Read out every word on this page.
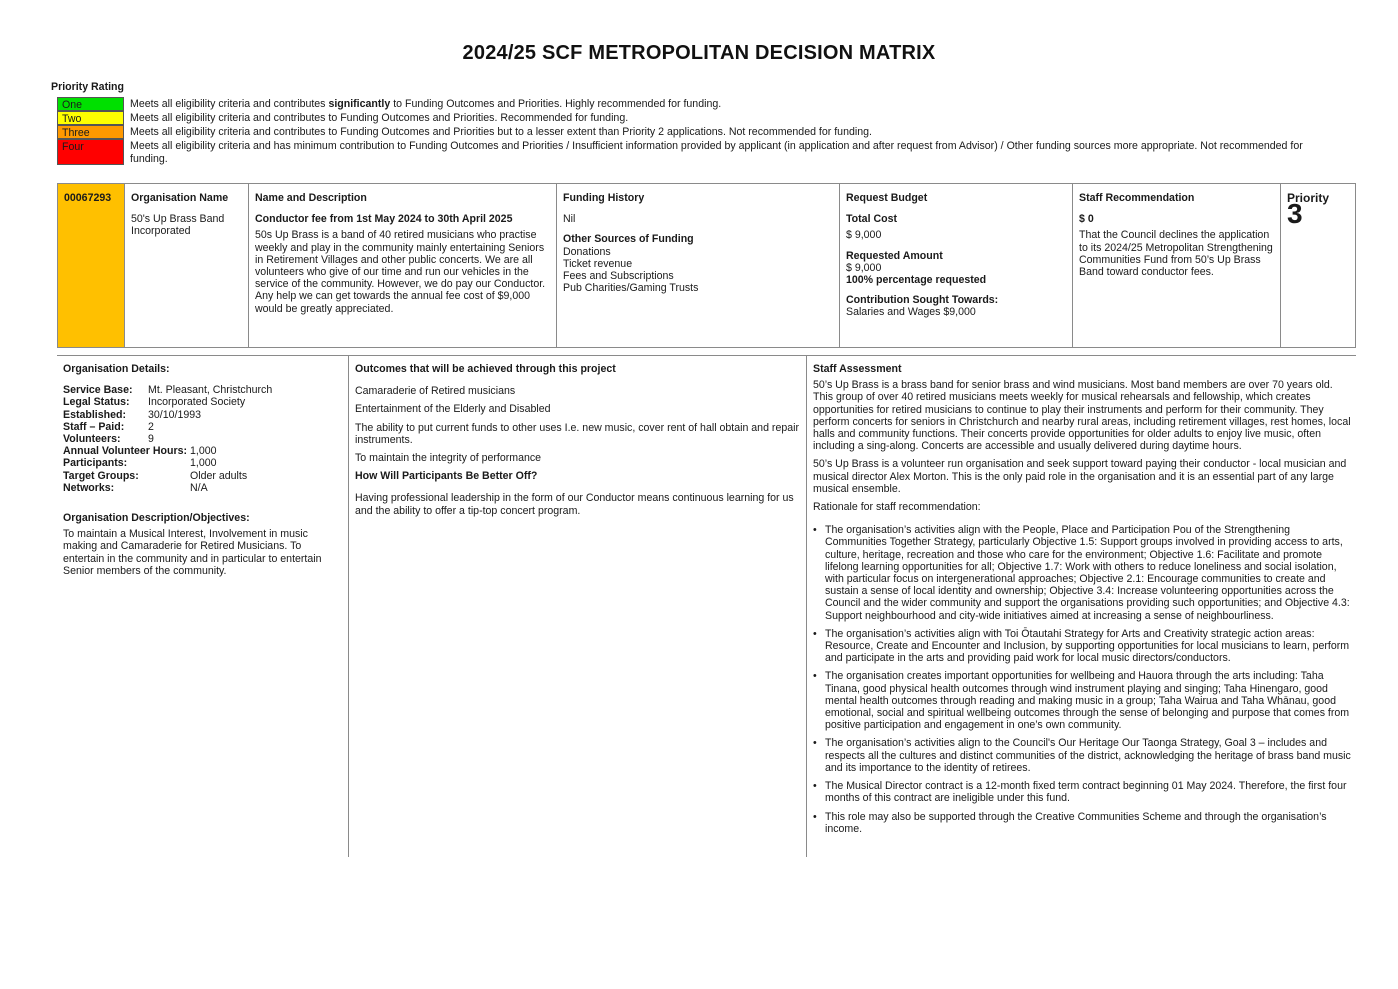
2024/25 SCF METROPOLITAN DECISION MATRIX
Priority Rating
One	Meets all eligibility criteria and contributes significantly to Funding Outcomes and Priorities. Highly recommended for funding.
Two	Meets all eligibility criteria and contributes to Funding Outcomes and Priorities. Recommended for funding.
Three	Meets all eligibility criteria and contributes to Funding Outcomes and Priorities but to a lesser extent than Priority 2 applications. Not recommended for funding.
Four	Meets all eligibility criteria and has minimum contribution to Funding Outcomes and Priorities / Insufficient information provided by applicant (in application and after request from Advisor) / Other funding sources more appropriate. Not recommended for funding.
00067293	Organisation Name
50's Up Brass Band Incorporated
Name and Description
Conductor fee from 1st May 2024 to 30th April 2025
50s Up Brass is a band of 40 retired musicians who practise weekly and play in the community mainly entertaining Seniors in Retirement Villages and other public concerts. We are all volunteers who give of our time and run our vehicles in the service of the community. However, we do pay our Conductor. Any help we can get towards the annual fee cost of $9,000 would be greatly appreciated.
Funding History
Nil
Other Sources of Funding
Donations
Ticket revenue
Fees and Subscriptions
Pub Charities/Gaming Trusts
Request Budget
Total Cost
$ 9,000
Requested Amount
$ 9,000
100% percentage requested
Contribution Sought Towards:
Salaries and Wages $9,000
Staff Recommendation
$ 0
That the Council declines the application to its 2024/25 Metropolitan Strengthening Communities Fund from 50’s Up Brass Band toward conductor fees.
Priority
3
Organisation Details:
Service Base:	Mt. Pleasant, Christchurch
Legal Status:	Incorporated Society
Established:	30/10/1993
Staff – Paid:	2
Volunteers:	9
Annual Volunteer Hours: 1,000
Participants:	1,000
Target Groups:	Older adults
Networks:	N/A
Organisation Description/Objectives:
To maintain a Musical Interest, Involvement in music making and Camaraderie for Retired Musicians. To entertain in the community and in particular to entertain Senior members of the community.
Outcomes that will be achieved through this project
Camaraderie of Retired musicians
Entertainment of the Elderly and Disabled
The ability to put current funds to other uses I.e. new music, cover rent of hall obtain and repair instruments.
To maintain the integrity of performance
How Will Participants Be Better Off?
Having professional leadership in the form of our Conductor means continuous learning for us and the ability to offer a tip-top concert program.
Staff Assessment

50’s Up Brass is a brass band for senior brass and wind musicians. Most band members are over 70 years old. This group of over 40 retired musicians meets weekly for musical rehearsals and fellowship, which creates opportunities for retired musicians to continue to play their instruments and perform for their community. They perform concerts for seniors in Christchurch and nearby rural areas, including retirement villages, rest homes, local halls and community functions. Their concerts provide opportunities for older adults to enjoy live music, often including a sing-along. Concerts are accessible and usually delivered during daytime hours.

50’s Up Brass is a volunteer run organisation and seek support toward paying their conductor - local musician and musical director Alex Morton. This is the only paid role in the organisation and it is an essential part of any large musical ensemble.

Rationale for staff recommendation:

• The organisation’s activities align with the People, Place and Participation Pou of the Strengthening Communities Together Strategy, particularly Objective 1.5: Support groups involved in providing access to arts, culture, heritage, recreation and those who care for the environment; Objective 1.6: Facilitate and promote lifelong learning opportunities for all; Objective 1.7: Work with others to reduce loneliness and social isolation, with particular focus on intergenerational approaches; Objective 2.1: Encourage communities to create and sustain a sense of local identity and ownership; Objective 3.4: Increase volunteering opportunities across the Council and the wider community and support the organisations providing such opportunities; and Objective 4.3: Support neighbourhood and city-wide initiatives aimed at increasing a sense of neighbourliness.
• The organisation’s activities align with Toi Ōtautahi Strategy for Arts and Creativity strategic action areas: Resource, Create and Encounter and Inclusion, by supporting opportunities for local musicians to learn, perform and participate in the arts and providing paid work for local music directors/conductors.
• The organisation creates important opportunities for wellbeing and Hauora through the arts including: Taha Tinana, good physical health outcomes through wind instrument playing and singing; Taha Hinengaro, good mental health outcomes through reading and making music in a group; Taha Wairua and Taha Whānau, good emotional, social and spiritual wellbeing outcomes through the sense of belonging and purpose that comes from positive participation and engagement in one’s own community.
• The organisation’s activities align to the Council's Our Heritage Our Taonga Strategy, Goal 3 – includes and respects all the cultures and distinct communities of the district, acknowledging the heritage of brass band music and its importance to the identity of retirees.
• The Musical Director contract is a 12-month fixed term contract beginning 01 May 2024. Therefore, the first four months of this contract are ineligible under this fund.
• This role may also be supported through the Creative Communities Scheme and through the organisation’s income.
